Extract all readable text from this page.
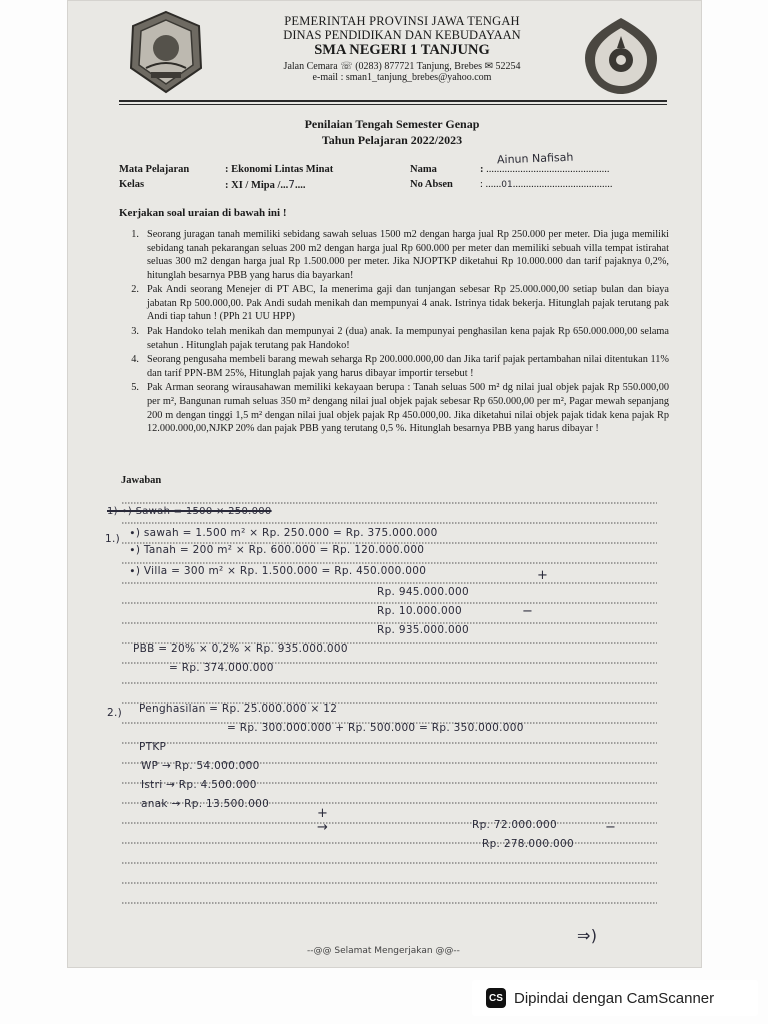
PEMERINTAH PROVINSI JAWA TENGAH
DINAS PENDIDIKAN DAN KEBUDAYAAN
SMA NEGERI 1 TANJUNG
Jalan Cemara ☏ (0283) 877721 Tanjung, Brebes ✉ 52254
e-mail : sman1_tanjung_brebes@yahoo.com
Penilaian Tengah Semester Genap
Tahun Pelajaran 2022/2023
Mata Pelajaran	: Ekonomi Lintas Minat
Kelas	: XI / Mipa /...7....
Nama	: ...............................................
Ainun Nafisah
No Absen	: ......01......................................
Kerjakan soal uraian di bawah ini !
1. Seorang juragan tanah memiliki sebidang sawah seluas 1500 m2 dengan harga jual Rp 250.000 per meter. Dia juga memiliki sebidang tanah pekarangan seluas 200 m2 dengan harga jual Rp 600.000 per meter dan memiliki sebuah villa tempat istirahat seluas 300 m2 dengan harga jual Rp 1.500.000 per meter. Jika NJOPTKP diketahui Rp 10.000.000 dan tarif pajaknya 0,2%, hitunglah besarnya PBB yang harus dia bayarkan!
2. Pak Andi seorang Menejer di PT ABC, Ia menerima gaji dan tunjangan sebesar Rp 25.000.000,00 setiap bulan dan biaya jabatan Rp 500.000,00. Pak Andi sudah menikah dan mempunyai 4 anak. Istrinya tidak bekerja. Hitunglah pajak terutang pak Andi tiap tahun ! (PPh 21 UU HPP)
3. Pak Handoko telah menikah dan mempunyai 2 (dua) anak. Ia mempunyai penghasilan kena pajak Rp 650.000.000,00 selama setahun . Hitunglah pajak terutang pak Handoko!
4. Seorang pengusaha membeli barang mewah seharga Rp 200.000.000,00 dan Jika tarif pajak pertambahan nilai ditentukan 11% dan tarif PPN-BM 25%, Hitunglah pajak yang harus dibayar importir tersebut !
5. Pak Arman seorang wirausahawan memiliki kekayaan berupa : Tanah seluas 500 m² dg nilai jual objek pajak Rp 550.000,00 per m², Bangunan rumah seluas 350 m² dengang nilai jual objek pajak sebesar Rp 650.000,00 per m², Pagar mewah sepanjang 200 m dengan tinggi 1,5 m² dengan nilai jual objek pajak Rp 450.000,00. Jika diketahui nilai objek pajak tidak kena pajak Rp 12.000.000,00,NJKP 20% dan pajak PBB yang terutang 0,5 %. Hitunglah besarnya PBB yang harus dibayar !
Jawaban
1) ∙) Sawah = 1500 × 250.000
1.) ∙) sawah = 1.500 m² × Rp. 250.000 = Rp. 375.000.000
∙) Tanah = 200 m² × Rp. 600.000 = Rp. 120.000.000
∙) Villa = 300 m² × Rp. 1.500.000 = Rp. 450.000.000	+
Rp. 945.000.000
Rp. 10.000.000	−
Rp. 935.000.000
PBB = 20% × 0,2% × Rp. 935.000.000
= Rp. 374.000.000
2.) Penghasilan = Rp. 25.000.000 × 12
= Rp. 300.000.000 + Rp. 500.000 = Rp. 350.000.000
PTKP
WP → Rp. 54.000.000
Istri → Rp. 4.500.000
anak → Rp. 13.500.000
+
→	Rp. 72.000.000	−
Rp. 278.000.000
⇒)
--@@ Selamat Mengerjakan @@--
CS Dipindai dengan CamScanner
